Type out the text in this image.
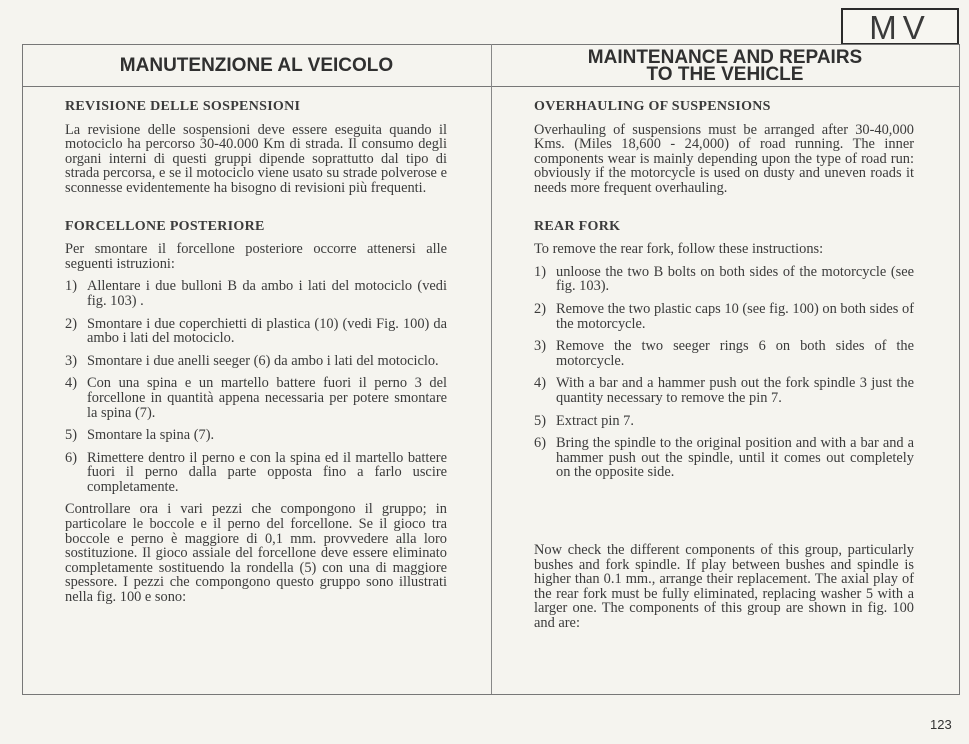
MV
MANUTENZIONE AL VEICOLO	MAINTENANCE AND REPAIRS
TO THE VEHICLE

REVISIONE DELLE SOSPENSIONI

La revisione delle sospensioni deve essere eseguita quando il motociclo ha percorso 30-40.000 Km di strada. Il consumo degli organi interni di questi gruppi dipende soprattutto dal tipo di strada percorsa, e se il motociclo viene usato su strade polverose e sconnesse evidentemente ha bisogno di revisioni più frequenti.

FORCELLONE POSTERIORE

Per smontare il forcellone posteriore occorre attenersi alle seguenti istruzioni:

1) Allentare i due bulloni B da ambo i lati del motociclo (vedi fig. 103) .
2) Smontare i due coperchietti di plastica (10) (vedi Fig. 100) da ambo i lati del motociclo.
3) Smontare i due anelli seeger (6) da ambo i lati del motociclo.
4) Con una spina e un martello battere fuori il perno 3 del forcellone in quantità appena necessaria per potere smontare la spina (7).
5) Smontare la spina (7).
6) Rimettere dentro il perno e con la spina ed il martello battere fuori il perno dalla parte opposta fino a farlo uscire completamente.

Controllare ora i vari pezzi che compongono il gruppo; in particolare le boccole e il perno del forcellone. Se il gioco tra boccole e perno è maggiore di 0,1 mm. provvedere alla loro sostituzione. Il gioco assiale del forcellone deve essere eliminato completamente sostituendo la rondella (5) con una di maggiore spessore. I pezzi che compongono questo gruppo sono illustrati nella fig. 100 e sono:

OVERHAULING OF SUSPENSIONS

Overhauling of suspensions must be arranged after 30-40,000 Kms. (Miles 18,600 - 24,000) of road running. The inner components wear is mainly depending upon the type of road run: obviously if the motorcycle is used on dusty and uneven roads it needs more frequent overhauling.

REAR FORK

To remove the rear fork, follow these instructions:

1) unloose the two B bolts on both sides of the motorcycle (see fig. 103).
2) Remove the two plastic caps 10 (see fig. 100) on both sides of the motorcycle.
3) Remove the two seeger rings 6 on both sides of the motorcycle.
4) With a bar and a hammer push out the fork spindle 3 just the quantity necessary to remove the pin 7.
5) Extract pin 7.
6) Bring the spindle to the original position and with a bar and a hammer push out the spindle, until it comes out completely on the opposite side.

Now check the different components of this group, particularly bushes and fork spindle. If play between bushes and spindle is higher than 0.1 mm., arrange their replacement. The axial play of the rear fork must be fully eliminated, replacing washer 5 with a larger one. The components of this group are shown in fig. 100 and are:

123
